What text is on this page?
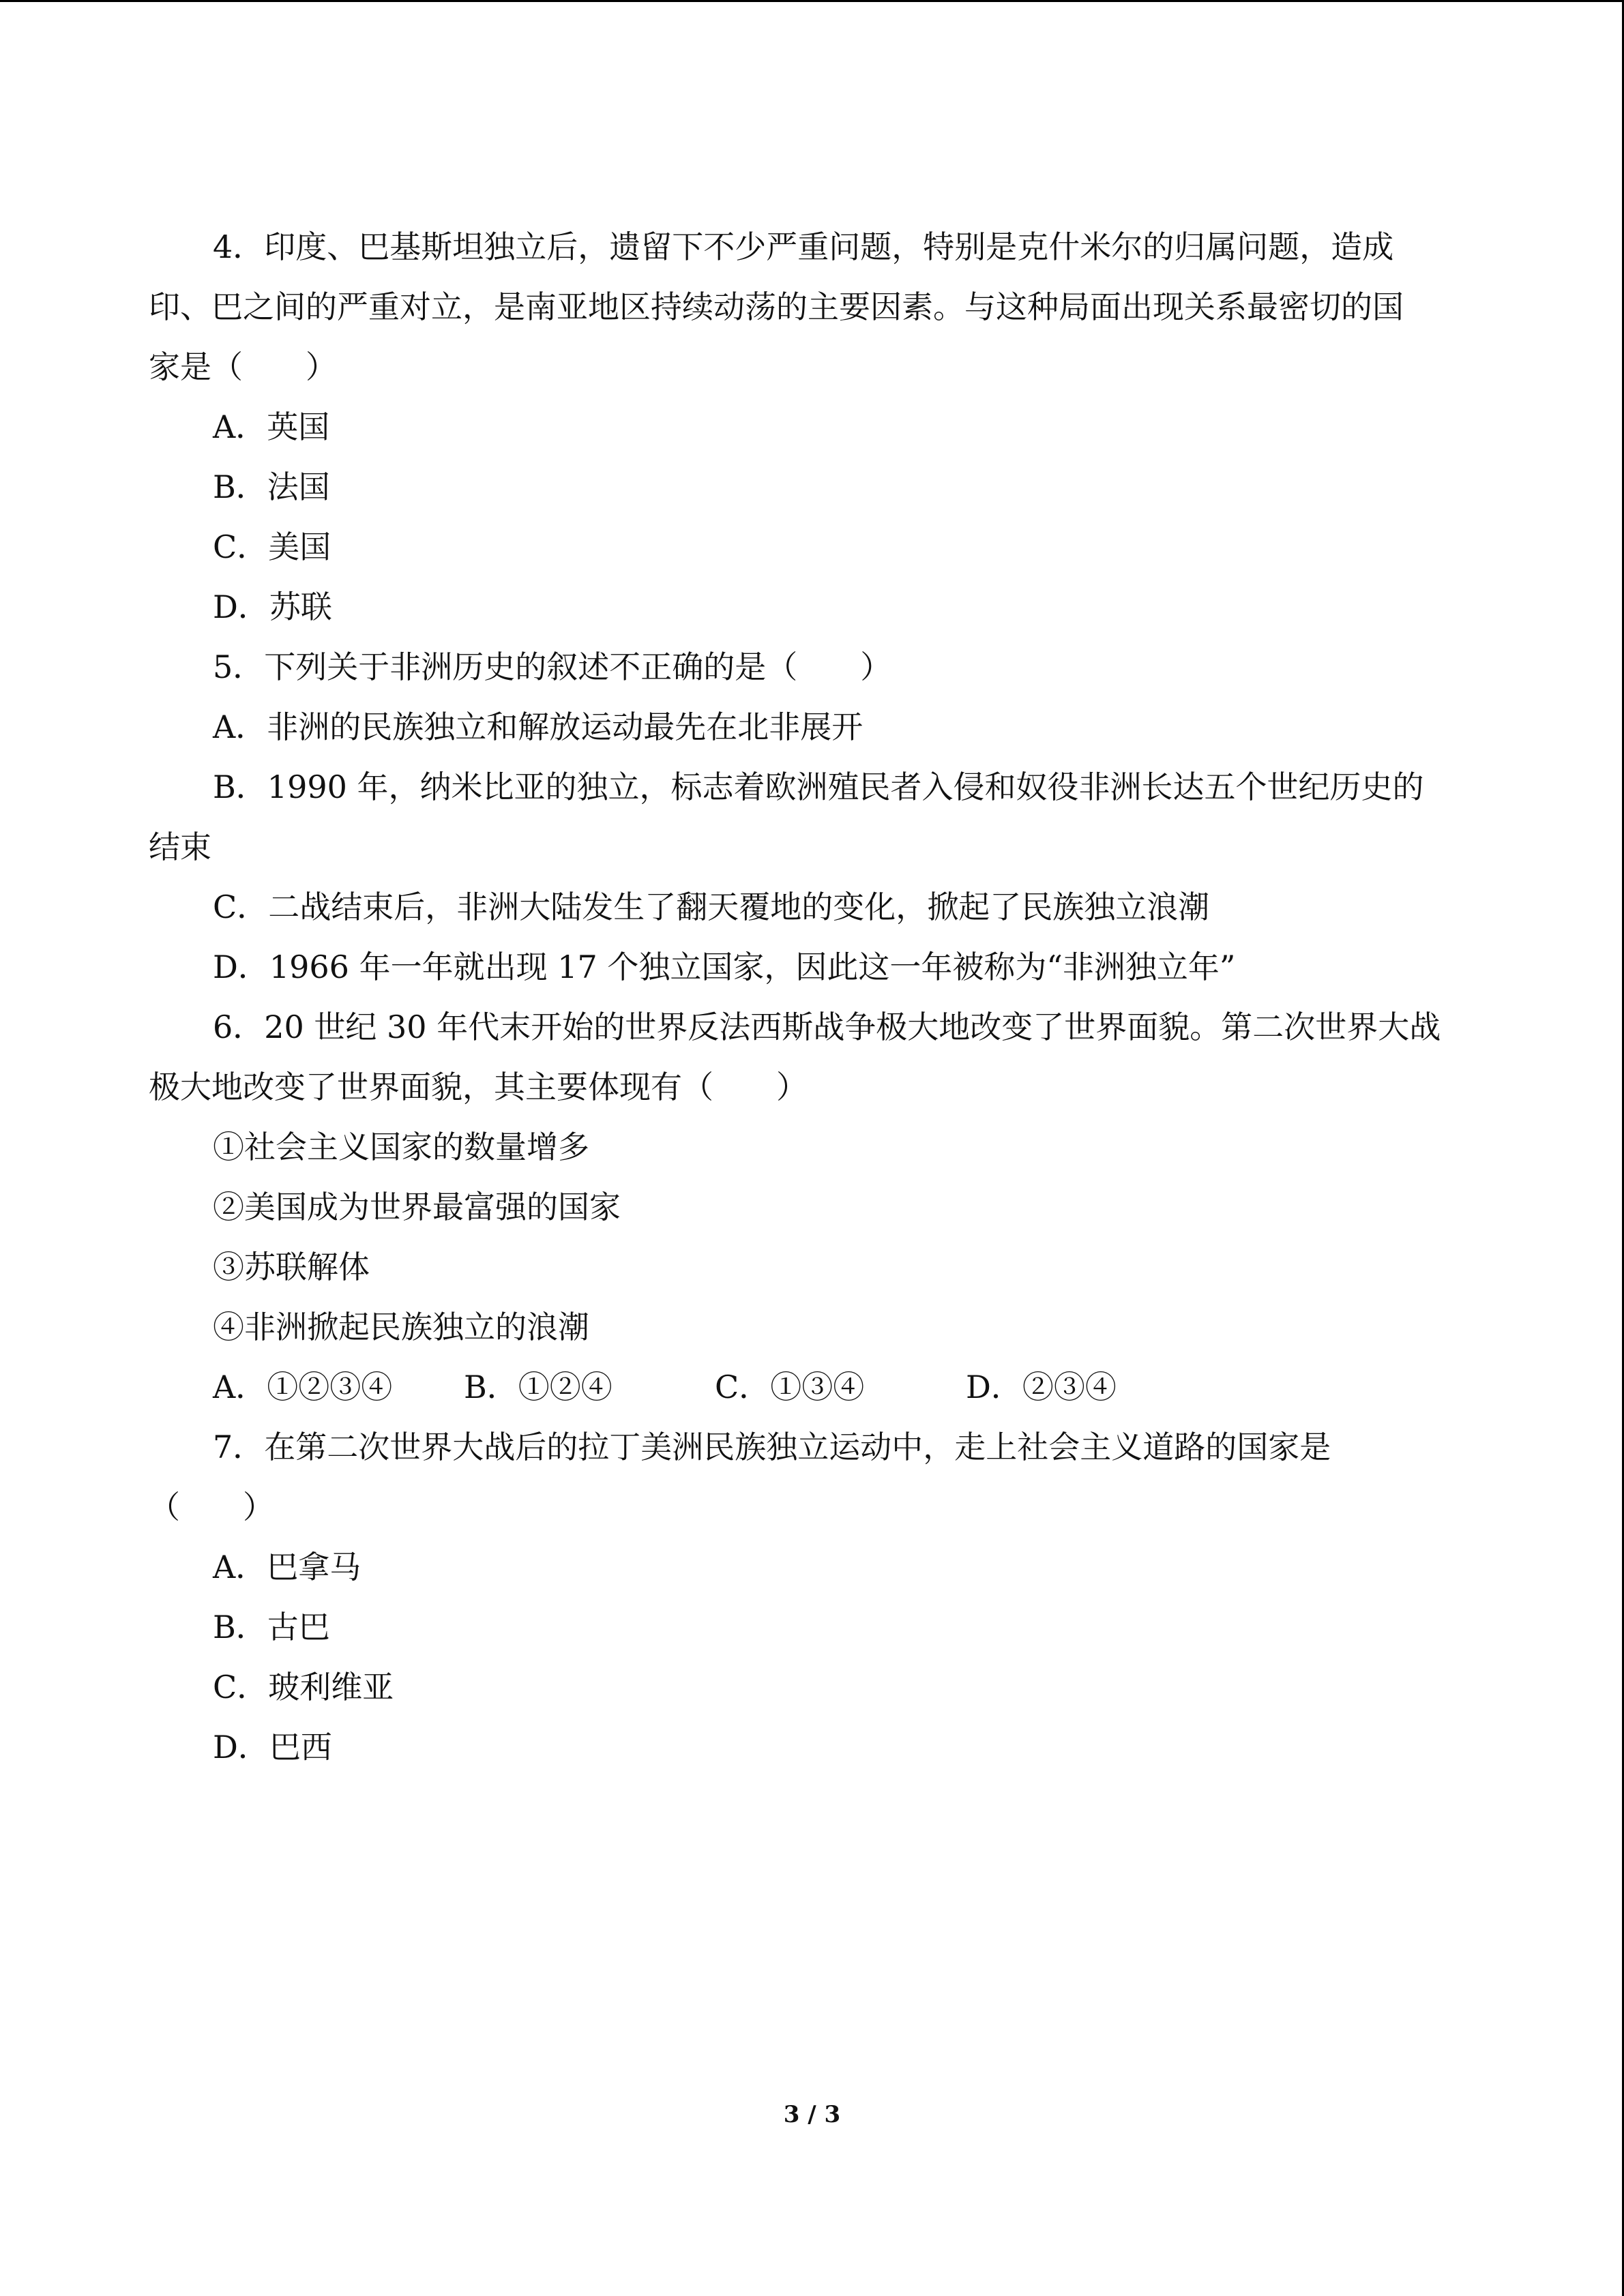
4．印度、巴基斯坦独立后，遗留下不少严重问题，特别是克什米尔的归属问题，造成
印、巴之间的严重对立，是南亚地区持续动荡的主要因素。与这种局面出现关系最密切的国
家是（　　）
A．英国
B．法国
C．美国
D．苏联
5．下列关于非洲历史的叙述不正确的是（　　）
A．非洲的民族独立和解放运动最先在北非展开
B．1990 年，纳米比亚的独立，标志着欧洲殖民者入侵和奴役非洲长达五个世纪历史的
结束
C．二战结束后，非洲大陆发生了翻天覆地的变化，掀起了民族独立浪潮
D．1966 年一年就出现 17 个独立国家，因此这一年被称为“非洲独立年”
6．20 世纪 30 年代末开始的世界反法西斯战争极大地改变了世界面貌。第二次世界大战
极大地改变了世界面貌，其主要体现有（　　）
①社会主义国家的数量增多
②美国成为世界最富强的国家
③苏联解体
④非洲掀起民族独立的浪潮
A．①②③④	B．①②④	C．①③④	D．②③④
7．在第二次世界大战后的拉丁美洲民族独立运动中，走上社会主义道路的国家是
（　　）
A．巴拿马
B．古巴
C．玻利维亚
D．巴西
3 / 3
